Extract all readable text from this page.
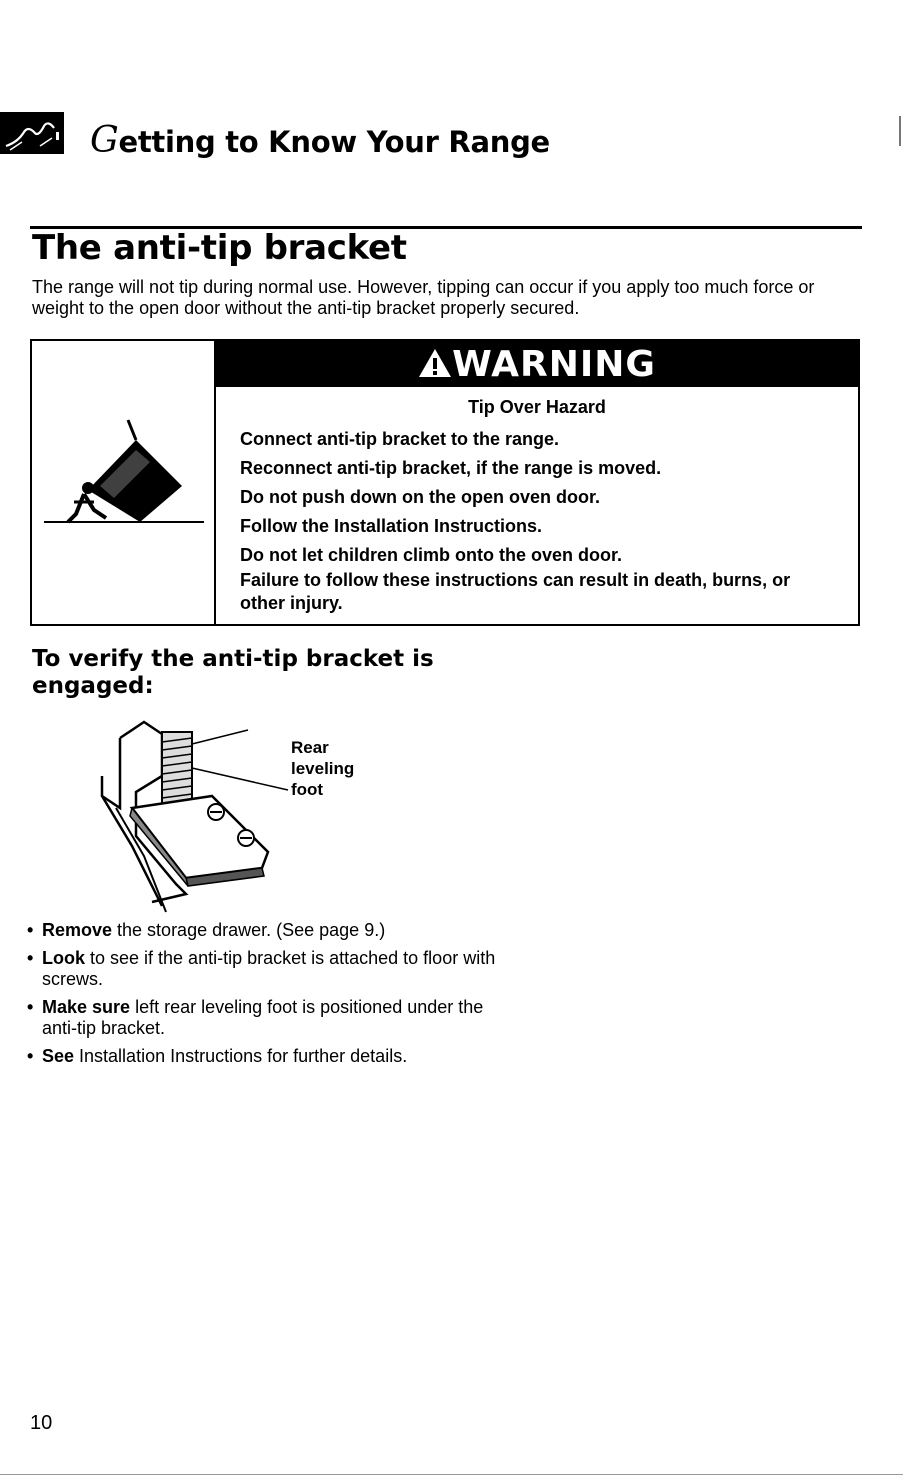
Getting to Know Your Range
The anti-tip bracket
The range will not tip during normal use. However, tipping can occur if you apply too much force or weight to the open door without the anti-tip bracket properly secured.
WARNING
Tip Over Hazard
Connect anti-tip bracket to the range.
Reconnect anti-tip bracket, if the range is moved.
Do not push down on the open oven door.
Follow the Installation Instructions.
Do not let children climb onto the oven door.
Failure to follow these instructions can result in death, burns, or other injury.
To verify the anti-tip bracket is engaged:
Rear
leveling
foot
• Remove the storage drawer. (See page 9.)
• Look to see if the anti-tip bracket is attached to floor with screws.
• Make sure left rear leveling foot is positioned under the anti-tip bracket.
• See Installation Instructions for further details.
10
